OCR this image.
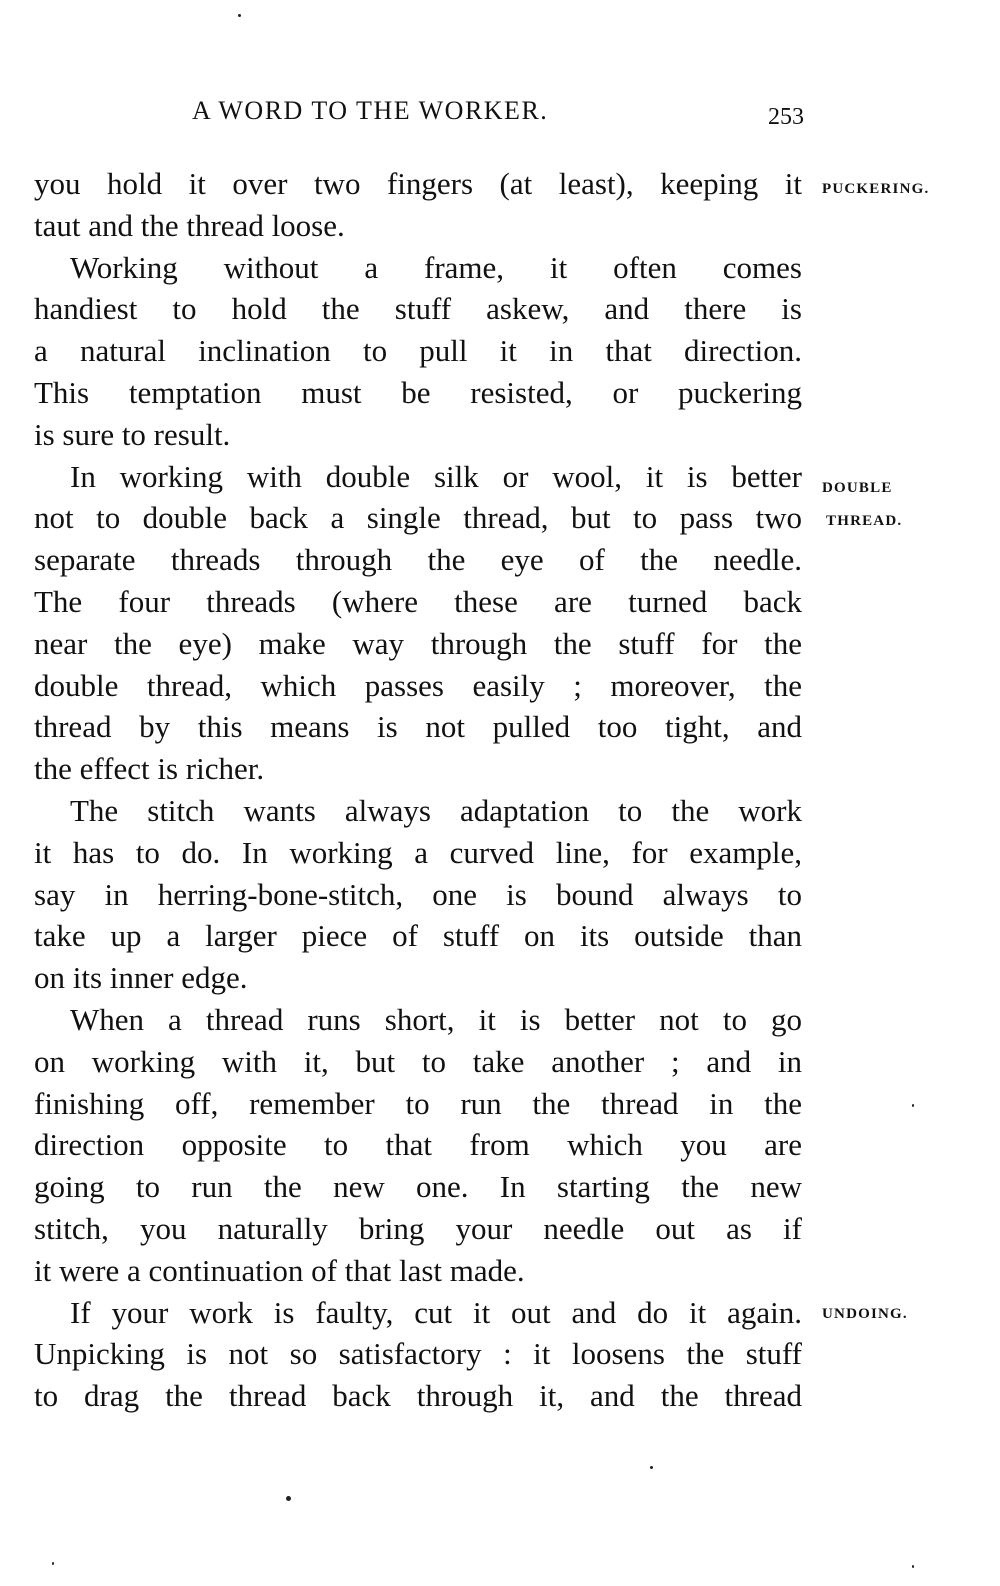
A WORD TO THE WORKER.	253
you hold it over two fingers (at least), keeping it
taut and the thread loose.
Working without a frame, it often comes
handiest to hold the stuff askew, and there is
a natural inclination to pull it in that direction.
This temptation must be resisted, or puckering
is sure to result.
In working with double silk or wool, it is better
not to double back a single thread, but to pass two
separate threads through the eye of the needle.
The four threads (where these are turned back
near the eye) make way through the stuff for the
double thread, which passes easily ; moreover, the
thread by this means is not pulled too tight, and
the effect is richer.
The stitch wants always adaptation to the work
it has to do. In working a curved line, for example,
say in herring-bone-stitch, one is bound always to
take up a larger piece of stuff on its outside than
on its inner edge.
When a thread runs short, it is better not to go
on working with it, but to take another ; and in
finishing off, remember to run the thread in the
direction opposite to that from which you are
going to run the new one. In starting the new
stitch, you naturally bring your needle out as if
it were a continuation of that last made.
If your work is faulty, cut it out and do it again.
Unpicking is not so satisfactory : it loosens the stuff
to drag the thread back through it, and the thread
PUCKERING.
DOUBLE
THREAD.
UNDOING.
